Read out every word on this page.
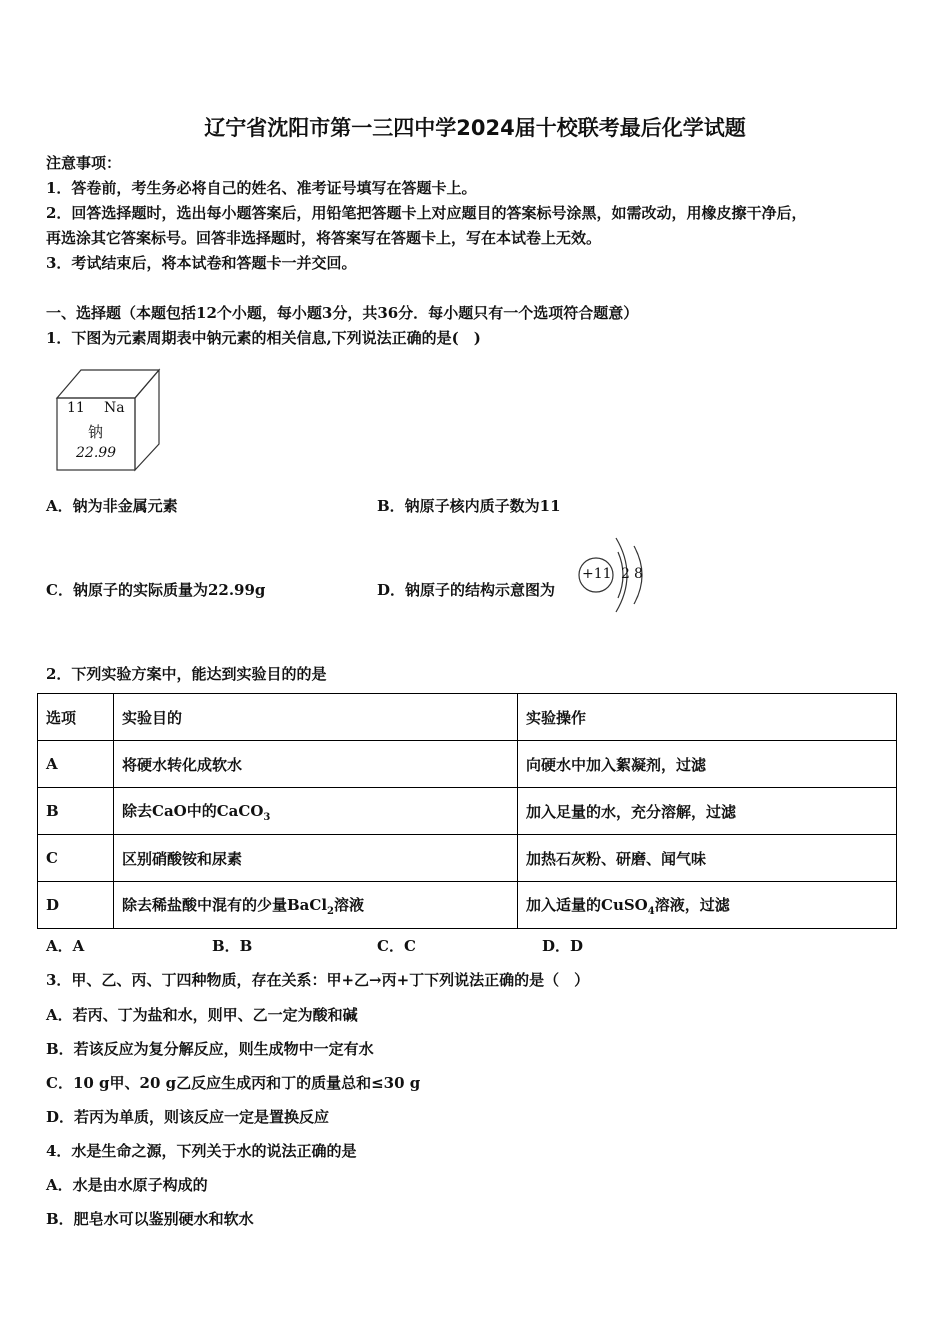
辽宁省沈阳市第一三四中学2024届十校联考最后化学试题
注意事项：
1．答卷前，考生务必将自己的姓名、准考证号填写在答题卡上。
2．回答选择题时，选出每小题答案后，用铅笔把答题卡上对应题目的答案标号涂黑，如需改动，用橡皮擦干净后，
再选涂其它答案标号。回答非选择题时，将答案写在答题卡上，写在本试卷上无效。
3．考试结束后，将本试卷和答题卡一并交回。
一、选择题（本题包括12个小题，每小题3分，共36分．每小题只有一个选项符合题意）
1．下图为元素周期表中钠元素的相关信息,下列说法正确的是(　)
11 Na
钠
22.99
A．钠为非金属元素	B．钠原子核内质子数为11
C．钠原子的实际质量为22.99g	D．钠原子的结构示意图为
+11 2 8
2．下列实验方案中，能达到实验目的的是
选项	实验目的	实验操作
A	将硬水转化成软水	向硬水中加入絮凝剂，过滤
B	除去CaO中的CaCO$_3$	加入足量的水，充分溶解，过滤
C	区别硝酸铵和尿素	加热石灰粉、研磨、闻气味
D	除去稀盐酸中混有的少量BaCl$_2$溶液	加入适量的CuSO$_4$溶液，过滤
A．A	B．B	C．C	D．D
3．甲、乙、丙、丁四种物质，存在关系：甲+乙→丙+丁下列说法正确的是（　）
A．若丙、丁为盐和水，则甲、乙一定为酸和碱
B．若该反应为复分解反应，则生成物中一定有水
C．10 g甲、20 g乙反应生成丙和丁的质量总和≤30 g
D．若丙为单质，则该反应一定是置换反应
4．水是生命之源，下列关于水的说法正确的是
A．水是由水原子构成的
B．肥皂水可以鉴别硬水和软水
